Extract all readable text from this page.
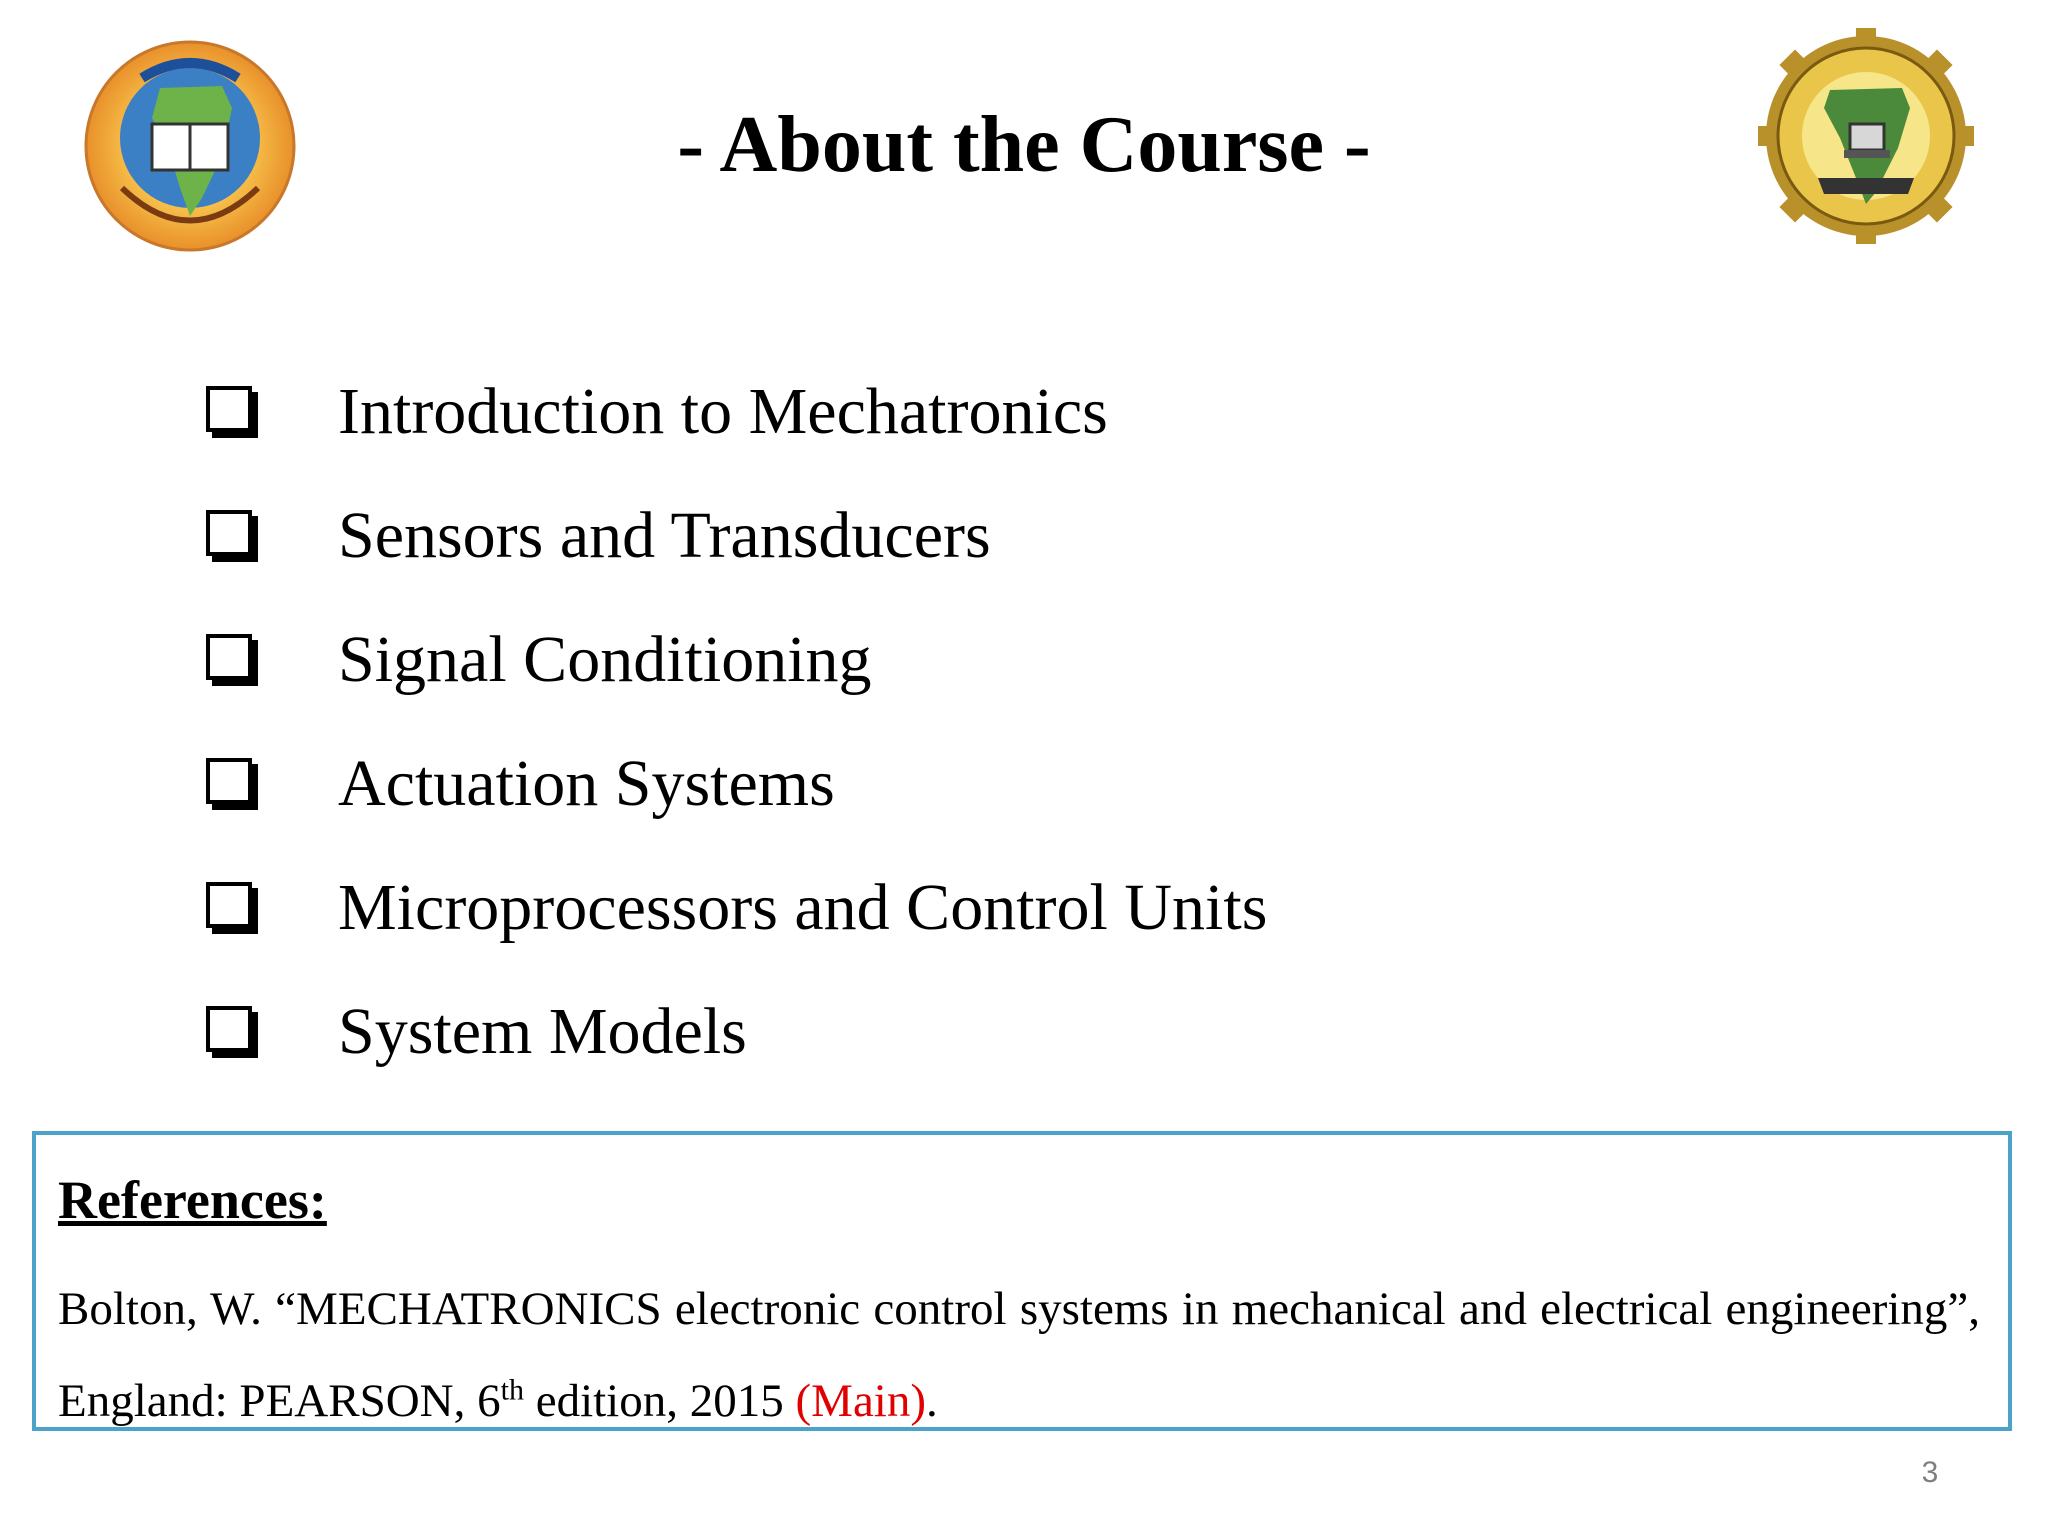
- About the Course -
Introduction to Mechatronics
Sensors and Transducers
Signal Conditioning
Actuation Systems
Microprocessors and Control Units
System Models

References:

Bolton, W. “MECHATRONICS electronic control systems in mechanical and electrical engineering”, England: PEARSON, 6th edition, 2015 (Main).

3
